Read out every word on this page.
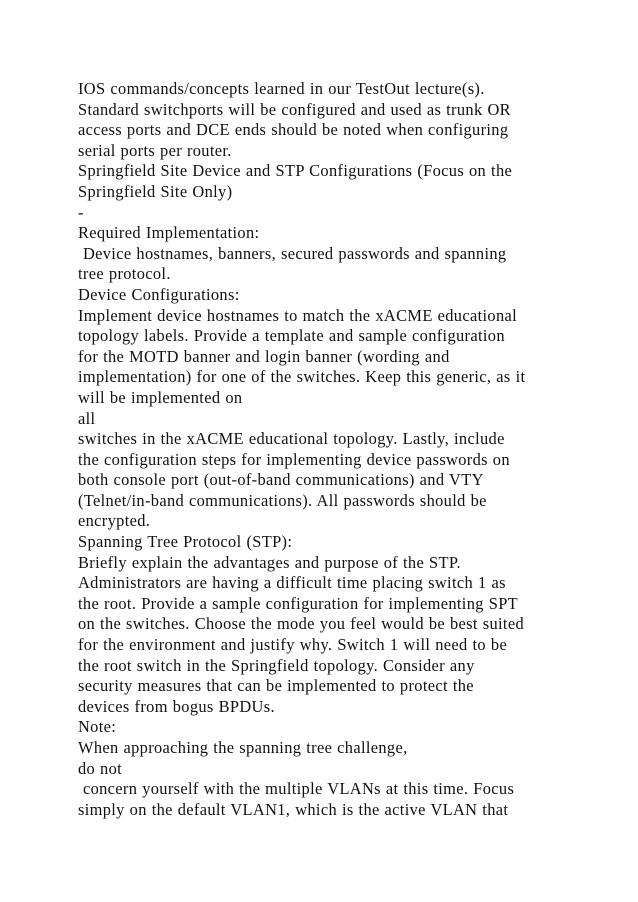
IOS commands/concepts learned in our TestOut lecture(s).
Standard switchports will be configured and used as trunk OR
access ports and DCE ends should be noted when configuring
serial ports per router.
Springfield Site Device and STP Configurations (Focus on the
Springfield Site Only)
-
Required Implementation:
Device hostnames, banners, secured passwords and spanning
tree protocol.
Device Configurations:
Implement device hostnames to match the xACME educational
topology labels. Provide a template and sample configuration
for the MOTD banner and login banner (wording and
implementation) for one of the switches. Keep this generic, as it
will be implemented on
all
switches in the xACME educational topology. Lastly, include
the configuration steps for implementing device passwords on
both console port (out-of-band communications) and VTY
(Telnet/in-band communications). All passwords should be
encrypted.
Spanning Tree Protocol (STP):
Briefly explain the advantages and purpose of the STP.
Administrators are having a difficult time placing switch 1 as
the root. Provide a sample configuration for implementing SPT
on the switches. Choose the mode you feel would be best suited
for the environment and justify why. Switch 1 will need to be
the root switch in the Springfield topology. Consider any
security measures that can be implemented to protect the
devices from bogus BPDUs.
Note:
When approaching the spanning tree challenge,
do not
concern yourself with the multiple VLANs at this time. Focus
simply on the default VLAN1, which is the active VLAN that
